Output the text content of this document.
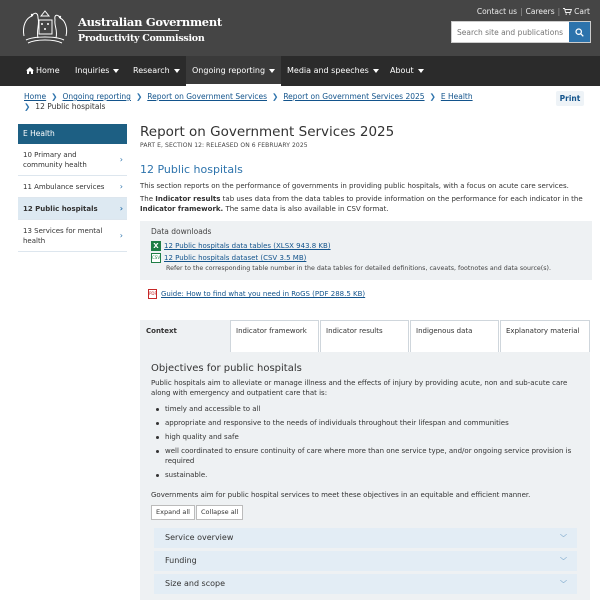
Australian Government
Productivity Commission
Contact us | Careers | Cart
Search site and publications
Home	Inquiries	Research	Ongoing reporting	Media and speeches	About
Home ❯ Ongoing reporting ❯ Report on Government Services ❯ Report on Government Services 2025 ❯ E Health
❯ 12 Public hospitals
Print
E Health
10 Primary and community health
›
11 Ambulance services ›
12 Public hospitals	›
13 Services for mental health
›
Report on Government Services 2025
PART E, SECTION 12: RELEASED ON 6 FEBRUARY 2025
12 Public hospitals
This section reports on the performance of governments in providing public hospitals, with a focus on acute care services.
The Indicator results tab uses data from the data tables to provide information on the performance for each indicator in the Indicator framework. The same data is also available in CSV format.
Data downloads
X 12 Public hospitals data tables (XLSX 943.8 KB)
CSV 12 Public hospitals dataset (CSV 3.5 MB)
Refer to the corresponding table number in the data tables for detailed definitions, caveats, footnotes and data source(s).
PDF Guide: How to find what you need in RoGS (PDF 288.5 KB)
Context	Indicator framework	Indicator results	Indigenous data	Explanatory material
Objectives for public hospitals
Public hospitals aim to alleviate or manage illness and the effects of injury by providing acute, non and sub-acute care along with emergency and outpatient care that is:
timely and accessible to all
appropriate and responsive to the needs of individuals throughout their lifespan and communities
high quality and safe
well coordinated to ensure continuity of care where more than one service type, and/or ongoing service provision is required
sustainable.
Governments aim for public hospital services to meet these objectives in an equitable and efficient manner.
Expand all	Collapse all
Service overview	﹀
Funding	﹀
Size and scope	﹀
